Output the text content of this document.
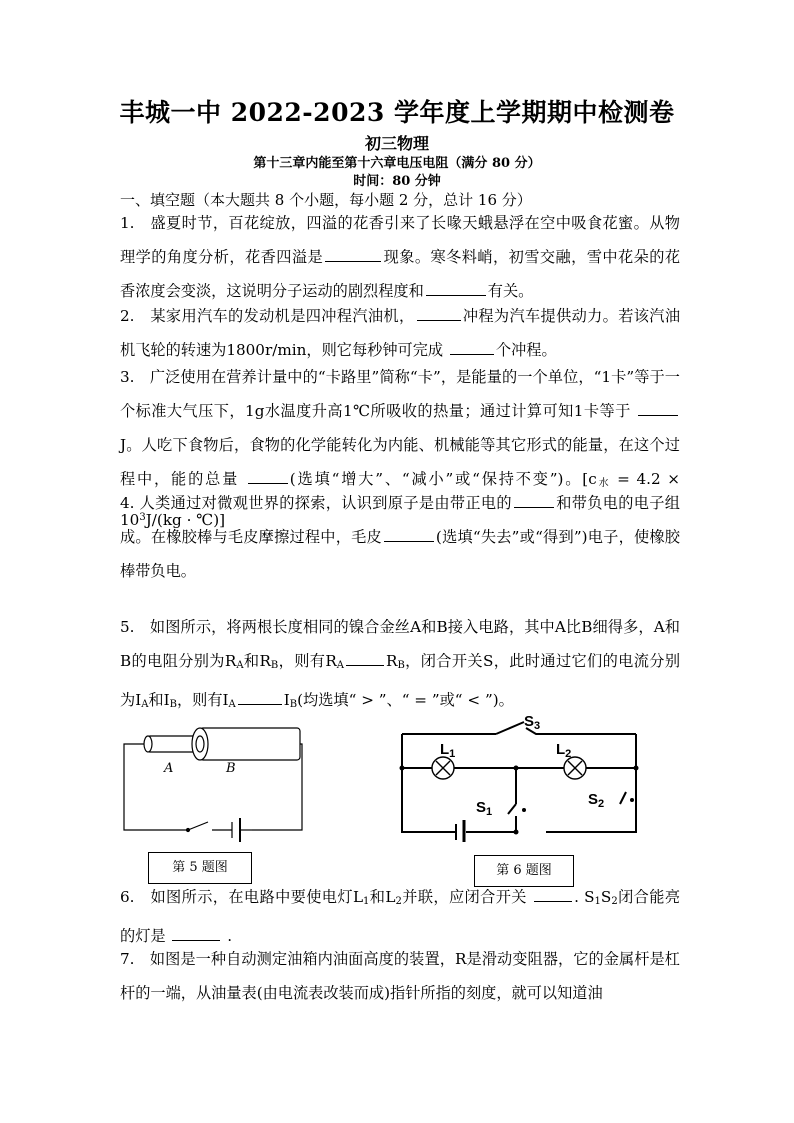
丰城一中 2022-2023 学年度上学期期中检测卷
初三物理
第十三章内能至第十六章电压电阻（满分 80 分）
时间：80 分钟
一、填空题（本大题共 8 个小题，每小题 2 分，总计 16 分）
1.　盛夏时节，百花绽放，四溢的花香引来了长喙天蛾悬浮在空中吸食花蜜。从物理学的角度分析，花香四溢是	现象。寒冬料峭，初雪交融，雪中花朵的花香浓度会变淡，这说明分子运动的剧烈程度和	有关。
2.　某家用汽车的发动机是四冲程汽油机，	冲程为汽车提供动力。若该汽油机飞轮的转速为1800r/min，则它每秒钟可完成	个冲程。
3.　广泛使用在营养计量中的“卡路里”简称“卡”，是能量的一个单位，“1卡”等于一个标准大气压下，1g水温度升高1℃所吸收的热量；通过计算可知1卡等于 J。人吃下食物后，食物的化学能转化为内能、机械能等其它形式的能量，在这个过程中，能的总量	(选填“增大”、“减小”或“保持不变”)。[$c_水 = 4.2 \times 10^3J/(kg$ · ℃)]
4. 人类通过对微观世界的探索，认识到原子是由带正电的	和带负电的电子组成。在橡胶棒与毛皮摩擦过程中，毛皮	(选填“失去”或“得到”)电子，使橡胶棒带负电。
5.　如图所示，将两根长度相同的镍合金丝A和B接入电路，其中A比B细得多，A和B的电阻分别为$R_A$和$R_B$，则有$R_A$	$R_B$，闭合开关S，此时通过它们的电流分别为$I_A$和$I_B$，则有$I_A$	$I_B$(均选填“ > ”、“ = ”或“ < ”)。
A	B
第 5 题图
$L_1$	$L_2$
$S_1$
$S_2$
$S_3$
第 6 题图
6.　如图所示，在电路中要使电灯$L_1$和$L_2$并联，应闭合开关	. $S_1S_2$闭合能亮的灯是	.
7.　如图是一种自动测定油箱内油面高度的装置，R是滑动变阻器，它的金属杆是杠杆的一端，从油量表(由电流表改装而成)指针所指的刻度，就可以知道油
